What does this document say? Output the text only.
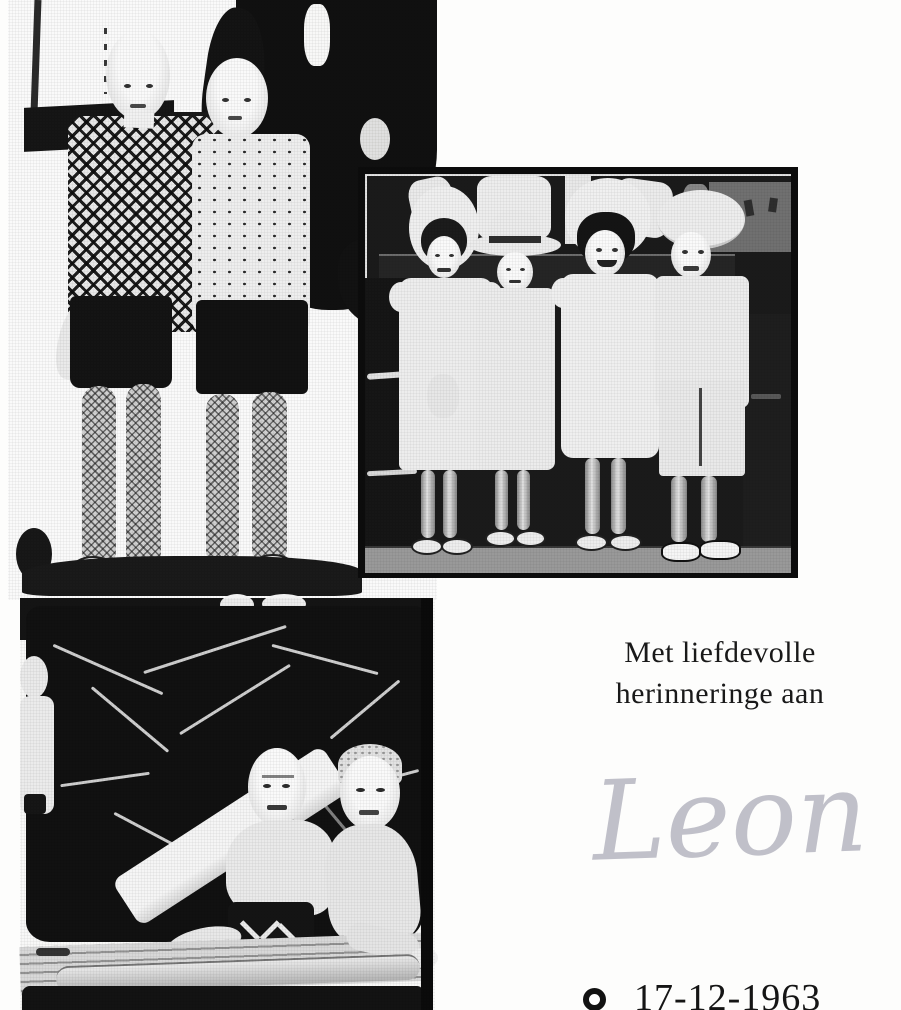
Met liefdevolle
herinneringe aan
Leon
17-12-1963
